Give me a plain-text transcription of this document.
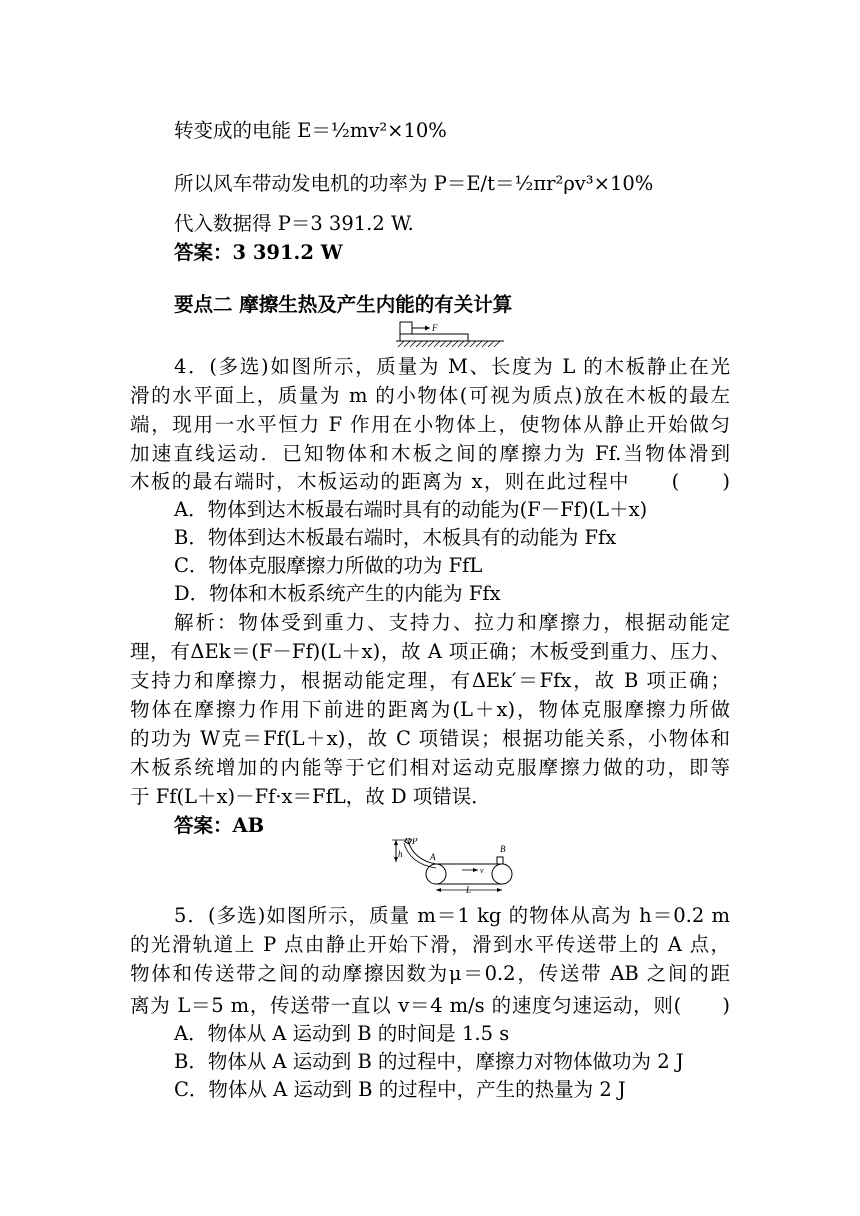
转变成的电能 E＝½mv²×10%
所以风车带动发电机的功率为 P＝E/t＝½πr²ρv³×10%
代入数据得 P＝3 391.2 W.
答案：3 391.2 W
要点二 摩擦生热及产生内能的有关计算
F
4．(多选)如图所示，质量为 M、长度为 L 的木板静止在光
滑的水平面上，质量为 m 的小物体(可视为质点)放在木板的最左
端，现用一水平恒力 F 作用在小物体上，使物体从静止开始做匀
加速直线运动．已知物体和木板之间的摩擦力为 Ff.当物体滑到
木板的最右端时，木板运动的距离为 x，则在此过程中　　(　　)
A．物体到达木板最右端时具有的动能为(F－Ff)(L＋x)
B．物体到达木板最右端时，木板具有的动能为 Ffx
C．物体克服摩擦力所做的功为 FfL
D．物体和木板系统产生的内能为 Ffx
解析：物体受到重力、支持力、拉力和摩擦力，根据动能定
理，有ΔEk＝(F－Ff)(L＋x)，故 A 项正确；木板受到重力、压力、
支持力和摩擦力，根据动能定理，有ΔEk′＝Ffx，故 B 项正确；
物体在摩擦力作用下前进的距离为(L＋x)，物体克服摩擦力所做
的功为 W克＝Ff(L＋x)，故 C 项错误；根据功能关系，小物体和
木板系统增加的内能等于它们相对运动克服摩擦力做的功，即等
于 Ff(L＋x)－Ff·x＝FfL，故 D 项错误．
答案：AB
h
P
A
B
v
L
5．(多选)如图所示，质量 m＝1 kg 的物体从高为 h＝0.2 m
的光滑轨道上 P 点由静止开始下滑，滑到水平传送带上的 A 点，
物体和传送带之间的动摩擦因数为μ＝0.2，传送带 AB 之间的距
离为 L＝5 m，传送带一直以 v＝4 m/s 的速度匀速运动，则(　　)
A．物体从 A 运动到 B 的时间是 1.5 s
B．物体从 A 运动到 B 的过程中，摩擦力对物体做功为 2 J
C．物体从 A 运动到 B 的过程中，产生的热量为 2 J
